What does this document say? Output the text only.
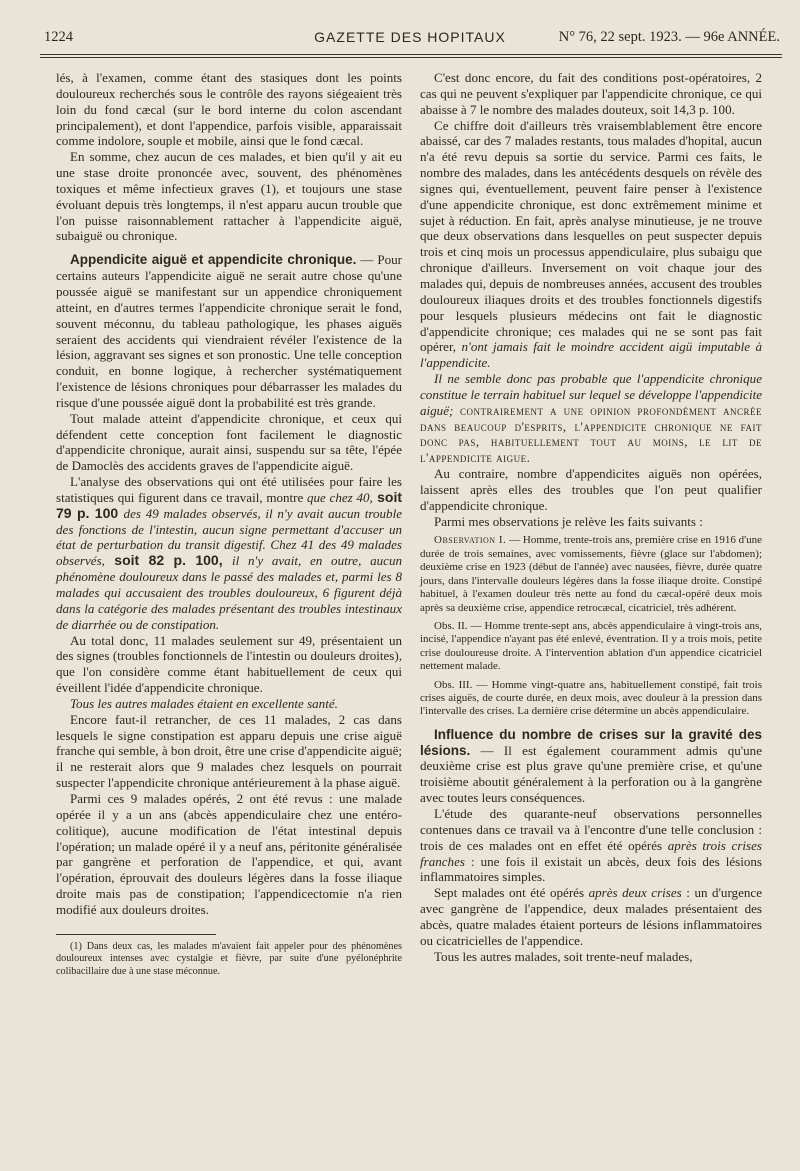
1224	GAZETTE DES HOPITAUX	N° 76, 22 sept. 1923. — 96e ANNÉE.

lés, à l'examen, comme étant des stasiques dont les points douloureux recherchés sous le contrôle des rayons siégeaient très loin du fond cæcal (sur le bord interne du colon ascendant principalement), et dont l'appendice, parfois visible, apparaissait comme indolore, souple et mobile, ainsi que le fond cæcal.

En somme, chez aucun de ces malades, et bien qu'il y ait eu une stase droite prononcée avec, souvent, des phénomènes toxiques et même infectieux graves (1), et toujours une stase évoluant depuis très longtemps, il n'est apparu aucun trouble que l'on puisse raisonnablement rattacher à l'appendicite aiguë, subaiguë ou chronique.

Appendicite aiguë et appendicite chronique. — Pour certains auteurs l'appendicite aiguë ne serait autre chose qu'une poussée aiguë se manifestant sur un appendice chroniquement atteint, en d'autres termes l'appendicite chronique serait le fond, souvent méconnu, du tableau pathologique, les phases aiguës seraient des accidents qui viendraient révéler l'existence de la lésion, aggravant ses signes et son pronostic. Une telle conception conduit, en bonne logique, à rechercher systématiquement l'existence de lésions chroniques pour débarrasser les malades du risque d'une poussée aiguë dont la probabilité est très grande.

Tout malade atteint d'appendicite chronique, et ceux qui défendent cette conception font facilement le diagnostic d'appendicite chronique, aurait ainsi, suspendu sur sa tête, l'épée de Damoclès des accidents graves de l'appendicite aiguë.

L'analyse des observations qui ont été utilisées pour faire les statistiques qui figurent dans ce travail, montre que chez 40, soit 79 p. 100 des 49 malades observés, il n'y avait aucun trouble des fonctions de l'intestin, aucun signe permettant d'accuser un état de perturbation du transit digestif. Chez 41 des 49 malades observés, soit 82 p. 100, il n'y avait, en outre, aucun phénomène douloureux dans le passé des malades et, parmi les 8 malades qui accusaient des troubles douloureux, 6 figurent déjà dans la catégorie des malades présentant des troubles intestinaux de diarrhée ou de constipation.

Au total donc, 11 malades seulement sur 49, présentaient un des signes (troubles fonctionnels de l'intestin ou douleurs droites), que l'on considère comme étant habituellement de ceux qui éveillent l'idée d'appendicite chronique.

Tous les autres malades étaient en excellente santé.

Encore faut-il retrancher, de ces 11 malades, 2 cas dans lesquels le signe constipation est apparu depuis une crise aiguë franche qui semble, à bon droit, être une crise d'appendicite aiguë; il ne resterait alors que 9 malades chez lesquels on pourrait suspecter l'appendicite chronique antérieurement à la phase aiguë.

Parmi ces 9 malades opérés, 2 ont été revus : une malade opérée il y a un ans (abcès appendiculaire chez une entéro-colitique), aucune modification de l'état intestinal depuis l'opération; un malade opéré il y a neuf ans, péritonite généralisée par gangrène et perforation de l'appendice, et qui, avant l'opération, éprouvait des douleurs légères dans la fosse iliaque droite mais pas de constipation; l'appendicectomie n'a rien modifié aux douleurs droites.

(1) Dans deux cas, les malades m'avaient fait appeler pour des phénomènes douloureux intenses avec cystalgie et fièvre, par suite d'une pyélonéphrite colibacillaire due à une stase méconnue.

C'est donc encore, du fait des conditions post-opératoires, 2 cas qui ne peuvent s'expliquer par l'appendicite chronique, ce qui abaisse à 7 le nombre des malades douteux, soit 14,3 p. 100.

Ce chiffre doit d'ailleurs très vraisemblablement être encore abaissé, car des 7 malades restants, tous malades d'hopital, aucun n'a été revu depuis sa sortie du service. Parmi ces faits, le nombre des malades, dans les antécédents desquels on révèle des signes qui, éventuellement, peuvent faire penser à l'existence d'une appendicite chronique, est donc extrêmement minime et sujet à réduction. En fait, après analyse minutieuse, je ne trouve que deux observations dans lesquelles on peut suspecter depuis trois et cinq mois un processus appendiculaire, plus subaigu que chronique d'ailleurs. Inversement on voit chaque jour des malades qui, depuis de nombreuses années, accusent des troubles douloureux iliaques droits et des troubles fonctionnels digestifs pour lesquels plusieurs médecins ont fait le diagnostic d'appendicite chronique; ces malades qui ne se sont pas fait opérer, n'ont jamais fait le moindre accident aigü imputable à l'appendicite.

Il ne semble donc pas probable que l'appendicite chronique constitue le terrain habituel sur lequel se développe l'appendicite aiguë; contrairement a une opinion profondément ancrée dans beaucoup d'esprits, l'appendicite chronique ne fait donc pas, habituellement tout au moins, le lit de l'appendicite aigue.

Au contraire, nombre d'appendicites aiguës non opérées, laissent après elles des troubles que l'on peut qualifier d'appendicite chronique.

Parmi mes observations je relève les faits suivants :

Observation I. — Homme, trente-trois ans, première crise en 1916 d'une durée de trois semaines, avec vomissements, fièvre (glace sur l'abdomen); deuxième crise en 1923 (début de l'année) avec nausées, fièvre, durée quatre jours, dans l'intervalle douleurs légères dans la fosse iliaque droite. Constipé habituel, à l'examen douleur très nette au fond du cæcal-opéré deux mois après sa deuxième crise, appendice retrocæcal, cicatriciel, très adhérent.

Obs. II. — Homme trente-sept ans, abcès appendiculaire à vingt-trois ans, incisé, l'appendice n'ayant pas été enlevé, éventration. Il y a trois mois, petite crise douloureuse droite. A l'intervention ablation d'un appendice cicatriciel nettement malade.

Obs. III. — Homme vingt-quatre ans, habituellement constipé, fait trois crises aiguës, de courte durée, en deux mois, avec douleur à la pression dans l'intervalle des crises. La dernière crise détermine un abcès appendiculaire.

Influence du nombre de crises sur la gravité des lésions. — Il est également couramment admis qu'une deuxième crise est plus grave qu'une première crise, et qu'une troisième aboutit généralement à la perforation ou à la gangrène avec toutes leurs conséquences.

L'étude des quarante-neuf observations personnelles contenues dans ce travail va à l'encontre d'une telle conclusion : trois de ces malades ont en effet été opérés après trois crises franches : une fois il existait un abcès, deux fois des lésions inflammatoires simples.

Sept malades ont été opérés après deux crises : un d'urgence avec gangrène de l'appendice, deux malades présentaient des abcès, quatre malades étaient porteurs de lésions inflammatoires ou cicatricielles de l'appendice.

Tous les autres malades, soit trente-neuf malades,
